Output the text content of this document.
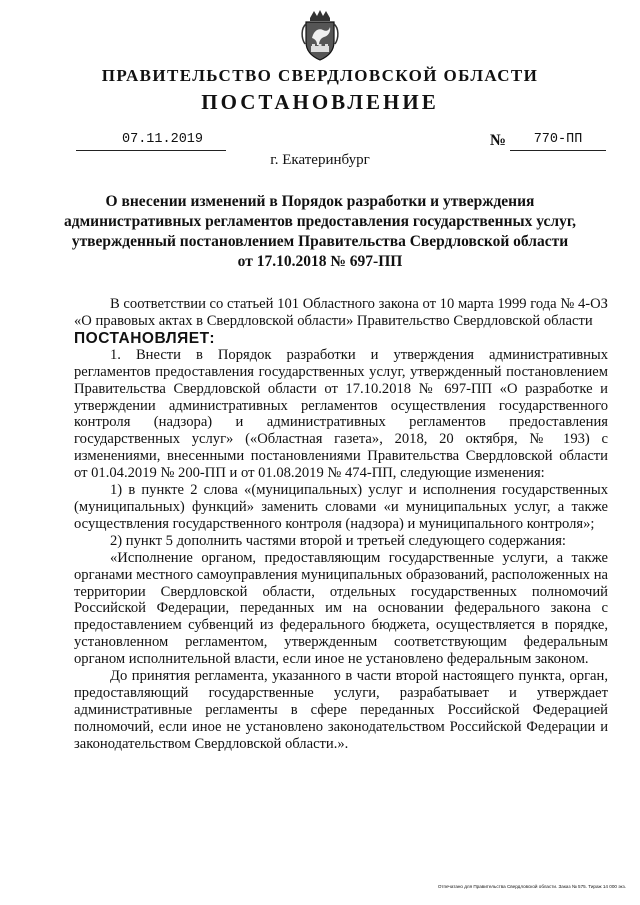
ПРАВИТЕЛЬСТВО СВЕРДЛОВСКОЙ ОБЛАСТИ
ПОСТАНОВЛЕНИЕ
07.11.2019	№	770-ПП
г. Екатеринбург
О внесении изменений в Порядок разработки и утверждения
административных регламентов предоставления государственных услуг,
утвержденный постановлением Правительства Свердловской области
от 17.10.2018 № 697-ПП

В соответствии со статьей 101 Областного закона от 10 марта 1999 года № 4-ОЗ «О правовых актах в Свердловской области» Правительство Свердловской области

ПОСТАНОВЛЯЕТ:

1. Внести в Порядок разработки и утверждения административных регламентов предоставления государственных услуг, утвержденный постановлением Правительства Свердловской области от 17.10.2018 № 697-ПП «О разработке и утверждении административных регламентов осуществления государственного контроля (надзора) и административных регламентов предоставления государственных услуг» («Областная газета», 2018, 20 октября, № 193) с изменениями, внесенными постановлениями Правительства Свердловской области от 01.04.2019 № 200-ПП и от 01.08.2019 № 474-ПП, следующие изменения:

1) в пункте 2 слова «(муниципальных) услуг и исполнения государственных (муниципальных) функций» заменить словами «и муниципальных услуг, а также осуществления государственного контроля (надзора) и муниципального контроля»;

2) пункт 5 дополнить частями второй и третьей следующего содержания:

«Исполнение органом, предоставляющим государственные услуги, а также органами местного самоуправления муниципальных образований, расположенных на территории Свердловской области, отдельных государственных полномочий Российской Федерации, переданных им на основании федерального закона с предоставлением субвенций из федерального бюджета, осуществляется в порядке, установленном регламентом, утвержденным соответствующим федеральным органом исполнительной власти, если иное не установлено федеральным законом.

До принятия регламента, указанного в части второй настоящего пункта, орган, предоставляющий государственные услуги, разрабатывает и утверждает административные регламенты в сфере переданных Российской Федерацией полномочий, если иное не установлено законодательством Российской Федерации и законодательством Свердловской области.».

Отпечатано для Правительства Свердловской области. Заказ № 575. Тираж 14 000 экз.
